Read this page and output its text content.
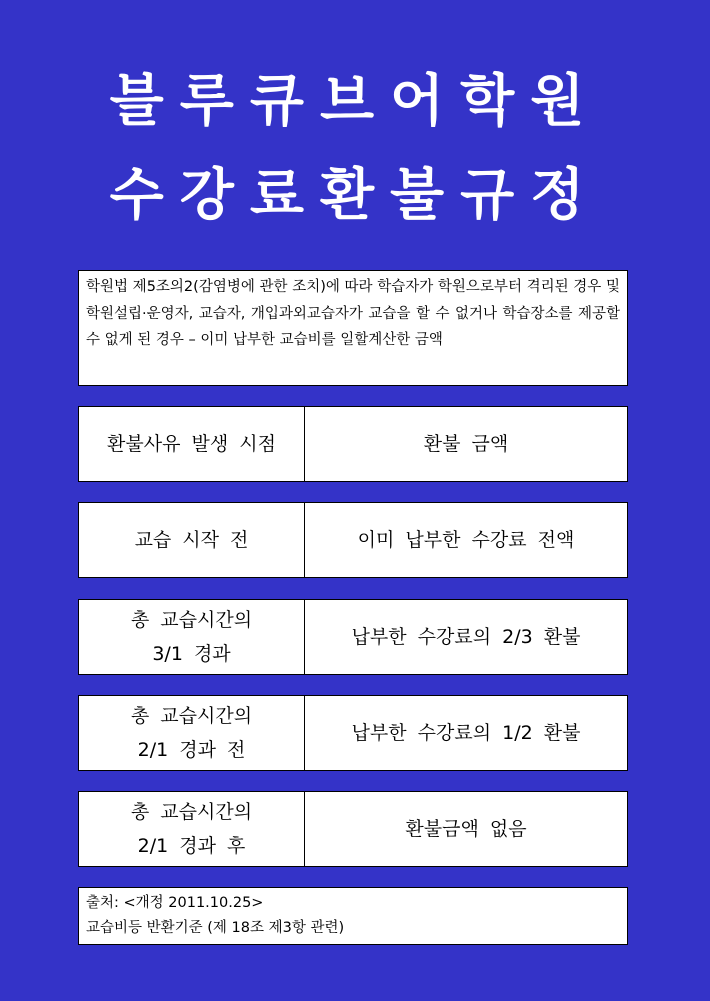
블루큐브어학원
수강료환불규정
학원법 제5조의2(감염병에 관한 조치)에 따라 학습자가 학원으로부터 격리된 경우 및 학원설립·운영자, 교습자, 개입과외교습자가 교습을 할 수 없거나 학습장소를 제공할 수 없게 된 경우 – 이미 납부한 교습비를 일할계산한 금액
환불사유 발생 시점	환불 금액
교습 시작 전	이미 납부한 수강료 전액
총 교습시간의
3/1 경과
납부한 수강료의 2/3 환불
총 교습시간의
2/1 경과 전
납부한 수강료의 1/2 환불
총 교습시간의
2/1 경과 후
환불금액 없음
출처: <개정 2011.10.25>
교습비등 반환기준 (제 18조 제3항 관련)
